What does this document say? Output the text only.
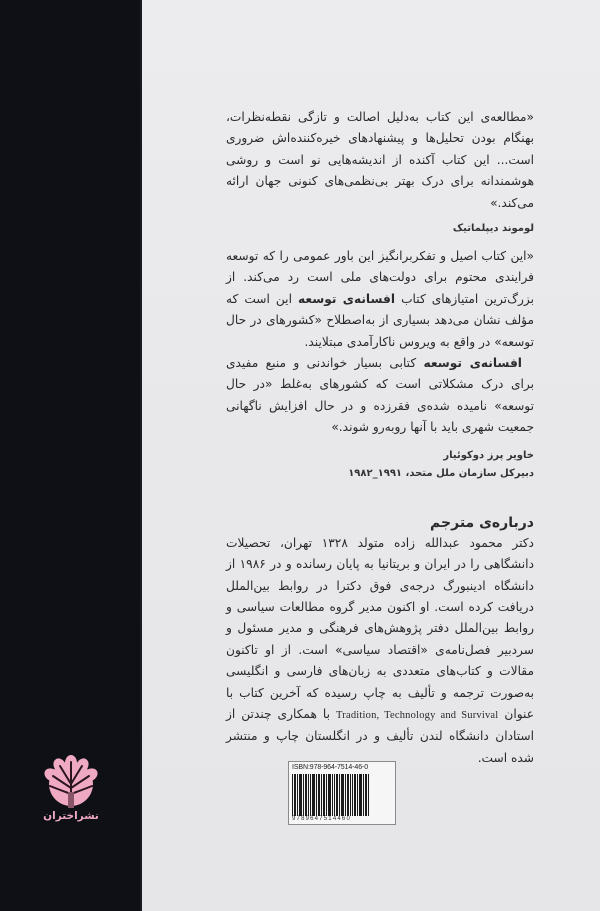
«مطالعه‌ی این کتاب به‌دلیل اصالت و تازگی نقطه‌نظرات، بهنگام بودن تحلیل‌ها و پیشنهادهای خیره‌کننده‌اش ضروری است... این کتاب آکنده از اندیشه‌هایی نو است و روشی هوشمندانه برای درک بهتر بی‌نظمی‌های کنونی جهان ارائه می‌کند.»

لوموند دیپلماتیک

«این کتاب اصیل و تفکربرانگیز این باور عمومی را که توسعه فرایندی محتوم برای دولت‌های ملی است رد می‌کند. از بزرگ‌ترین امتیازهای کتاب افسانه‌ی توسعه این است که مؤلف نشان می‌دهد بسیاری از به‌اصطلاح «کشورهای در حال توسعه» در واقع به ویروس ناکارآمدی مبتلایند.

افسانه‌ی توسعه کتابی بسیار خواندنی و منبع مفیدی برای درک مشکلاتی است که کشورهای به‌غلط «در حال توسعه» نامیده شده‌ی فقرزده و در حال افزایش ناگهانی جمعیت شهری باید با آنها روبه‌رو شوند.»

خاویر پرز دوکوئیار
دبیرکل سازمان ملل متحد، ۱۹۹۱_۱۹۸۲
درباره‌ی مترجم

دکتر محمود عبدالله زاده متولد ۱۳۲۸ تهران، تحصیلات دانشگاهی را در ایران و بریتانیا به پایان رسانده و در ۱۹۸۶ از دانشگاه ادینبورگ درجه‌ی فوق دکترا در روابط بین‌الملل دریافت کرده است. او اکنون مدیر گروه مطالعات سیاسی و روابط بین‌الملل دفتر پژوهش‌های فرهنگی و مدیر مسئول و سردبیر فصل‌نامه‌ی «اقتصاد سیاسی» است. از او تاکنون مقالات و کتاب‌های متعددی به زبان‌های فارسی و انگلیسی به‌صورت ترجمه و تألیف به چاپ رسیده که آخرین کتاب با عنوان Tradition, Technology and Survival با همکاری چندتن از استادان دانشگاه لندن تألیف و در انگلستان چاپ و منتشر شده است.

نشراختران
ISBN:978-964-7514-46-0
9789647514460
